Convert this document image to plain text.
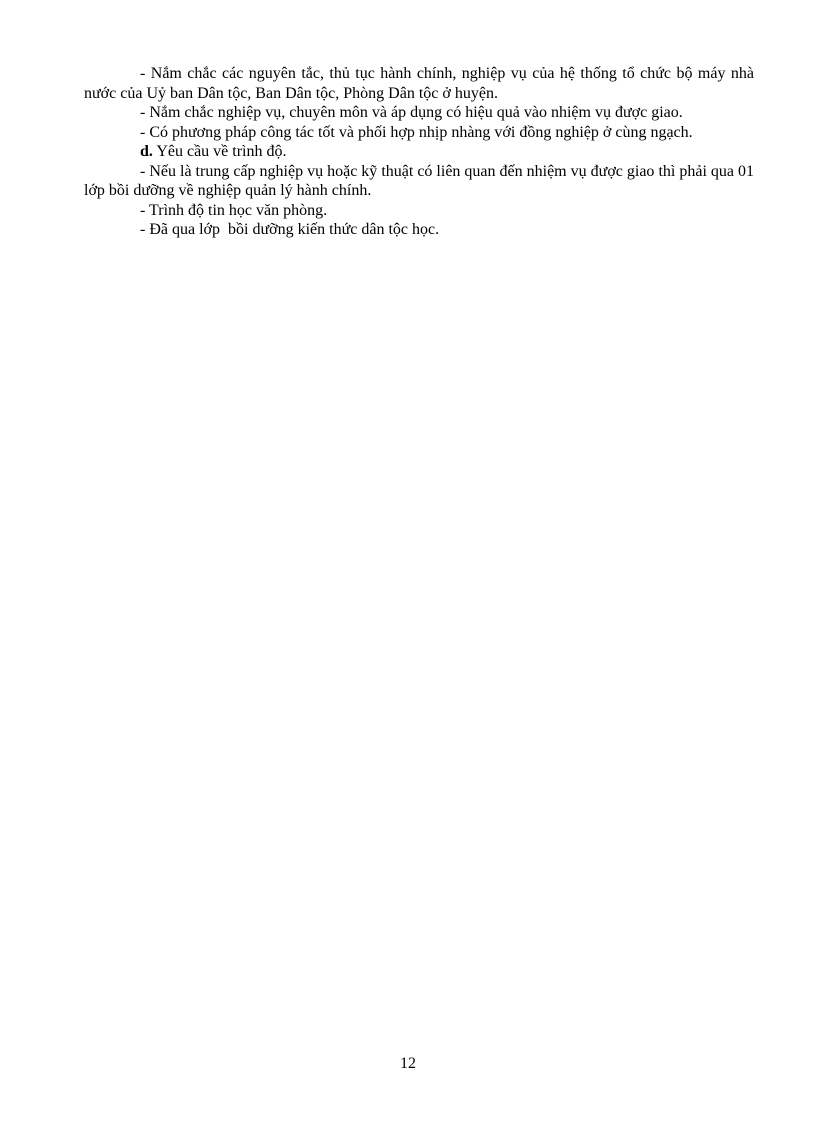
- Nắm chắc các nguyên tắc, thủ tục hành chính, nghiệp vụ của hệ thống tổ chức bộ máy nhà nước của Uỷ ban Dân tộc, Ban Dân tộc, Phòng Dân tộc ở huyện.

- Nắm chắc nghiệp vụ, chuyên môn và áp dụng có hiệu quả vào nhiệm vụ được giao.

- Có phương pháp công tác tốt và phối hợp nhịp nhàng với đồng nghiệp ở cùng ngạch.

d. Yêu cầu về trình độ.

- Nếu là trung cấp nghiệp vụ hoặc kỹ thuật có liên quan đến nhiệm vụ được giao thì phải qua 01 lớp bồi dưỡng về nghiệp quản lý hành chính.

- Trình độ tin học văn phòng.

- Đã qua lớp  bồi dưỡng kiến thức dân tộc học.

12
